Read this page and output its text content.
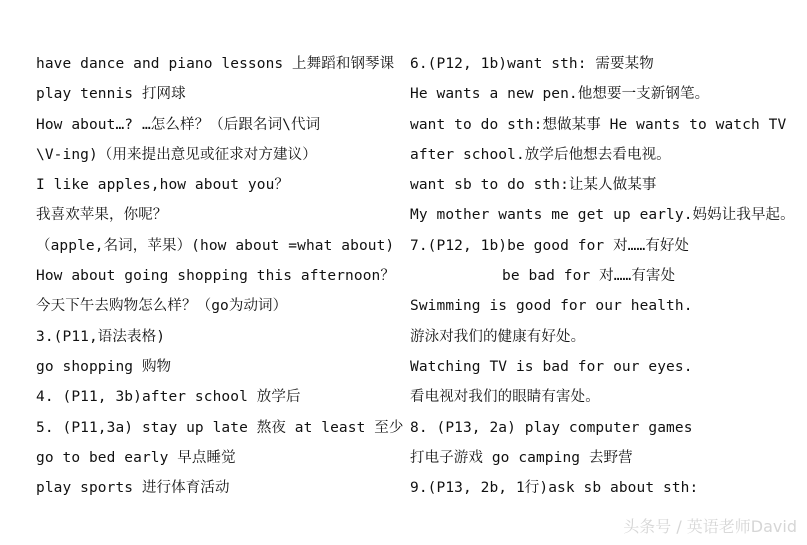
have dance and piano lessons 上舞蹈和钢琴课
play tennis 打网球
How about…? …怎么样？（后跟名词\代词
\V-ing)（用来提出意见或征求对方建议）
I like apples,how about you？
我喜欢苹果，你呢？
（apple,名词，苹果）(how about =what about)
How about going shopping this afternoon？
今天下午去购物怎么样？（go为动词）
3.(P11,语法表格)
go shopping 购物
4. (P11, 3b)after school 放学后
5. (P11,3a) stay up late 熬夜 at least 至少
go to bed early 早点睡觉
play sports 进行体育活动
6.(P12, 1b)want sth: 需要某物
He wants a new pen.他想要一支新钢笔。
want to do sth:想做某事 He wants to watch TV
after school.放学后他想去看电视。
want sb to do sth:让某人做某事
My mother wants me get up early.妈妈让我早起。
7.(P12, 1b)be good for 对……有好处
be bad for 对……有害处
Swimming is good for our health.
游泳对我们的健康有好处。
Watching TV is bad for our eyes.
看电视对我们的眼睛有害处。
8. (P13, 2a) play computer games
打电子游戏 go camping 去野营
9.(P13, 2b, 1行)ask sb about sth:
头条号 / 英语老师David
